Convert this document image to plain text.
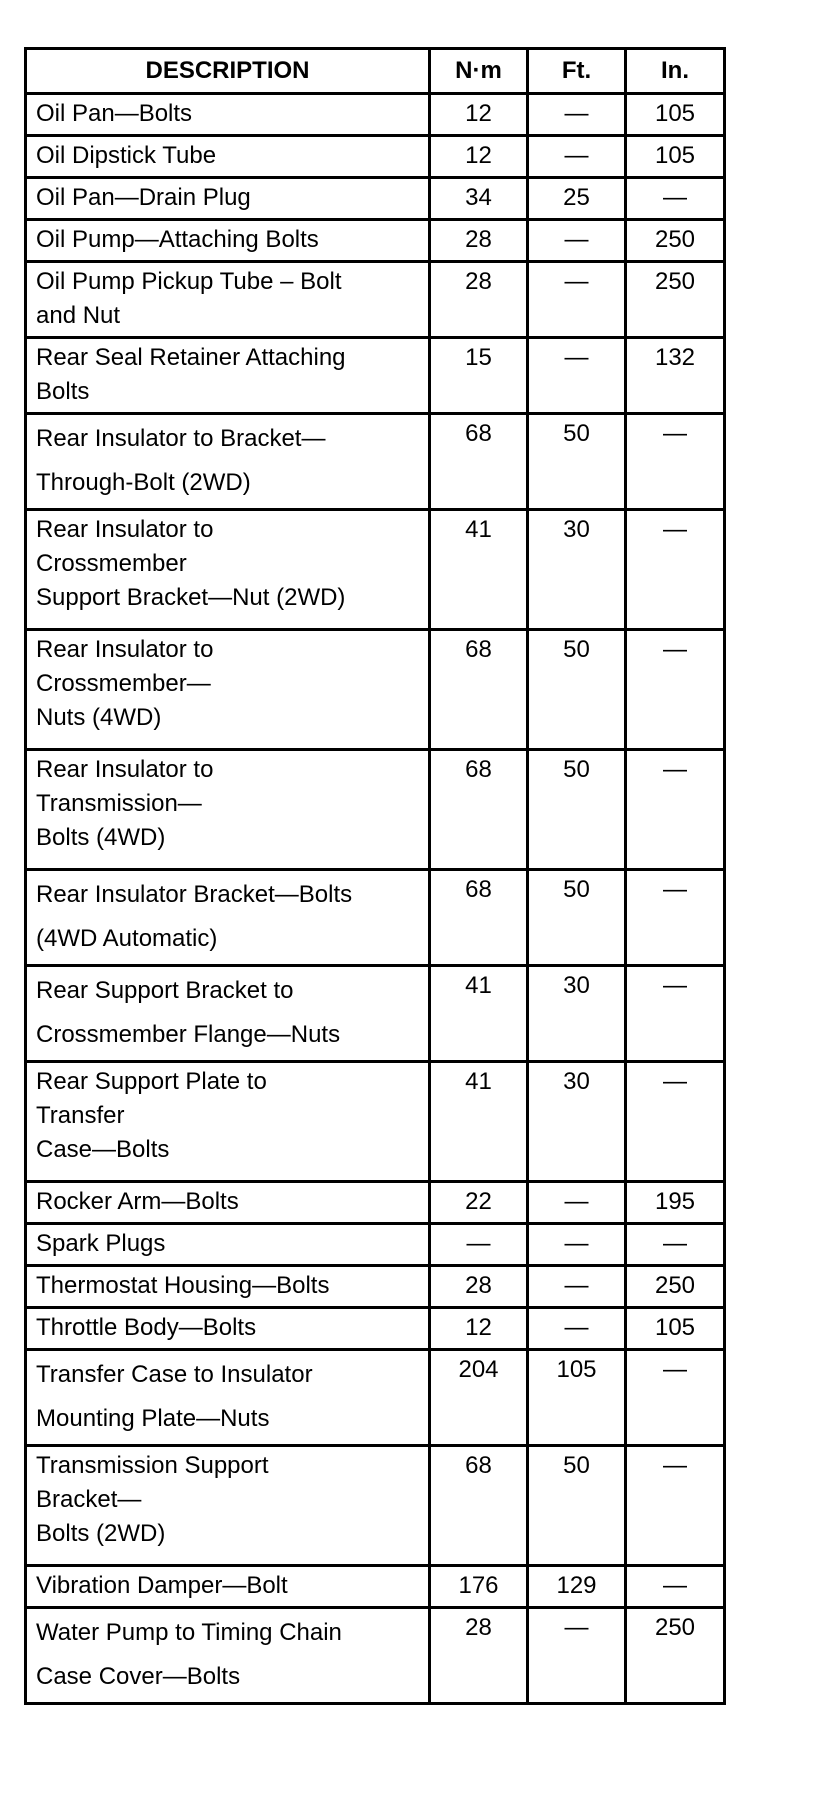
DESCRIPTION	N·m	Ft.	In.
Oil Pan—Bolts	12	—	105
Oil Dipstick Tube	12	—	105
Oil Pan—Drain Plug	34	25	—
Oil Pump—Attaching Bolts	28	—	250
Oil Pump Pickup Tube – Bolt
and Nut	28	—	250
Rear Seal Retainer Attaching
Bolts	15	—	132
Rear Insulator to Bracket—
Through-Bolt (2WD)	68	50	—
Rear Insulator to
Crossmember
Support Bracket—Nut (2WD)	41	30	—
Rear Insulator to
Crossmember—
Nuts (4WD)	68	50	—
Rear Insulator to
Transmission—
Bolts (4WD)	68	50	—
Rear Insulator Bracket—Bolts
(4WD Automatic)	68	50	—
Rear Support Bracket to
Crossmember Flange—Nuts	41	30	—
Rear Support Plate to
Transfer
Case—Bolts	41	30	—
Rocker Arm—Bolts	22	—	195
Spark Plugs	—	—	—
Thermostat Housing—Bolts	28	—	250
Throttle Body—Bolts	12	—	105
Transfer Case to Insulator
Mounting Plate—Nuts	204	105	—
Transmission Support
Bracket—
Bolts (2WD)	68	50	—
Vibration Damper—Bolt	176	129	—
Water Pump to Timing Chain
Case Cover—Bolts	28	—	250
